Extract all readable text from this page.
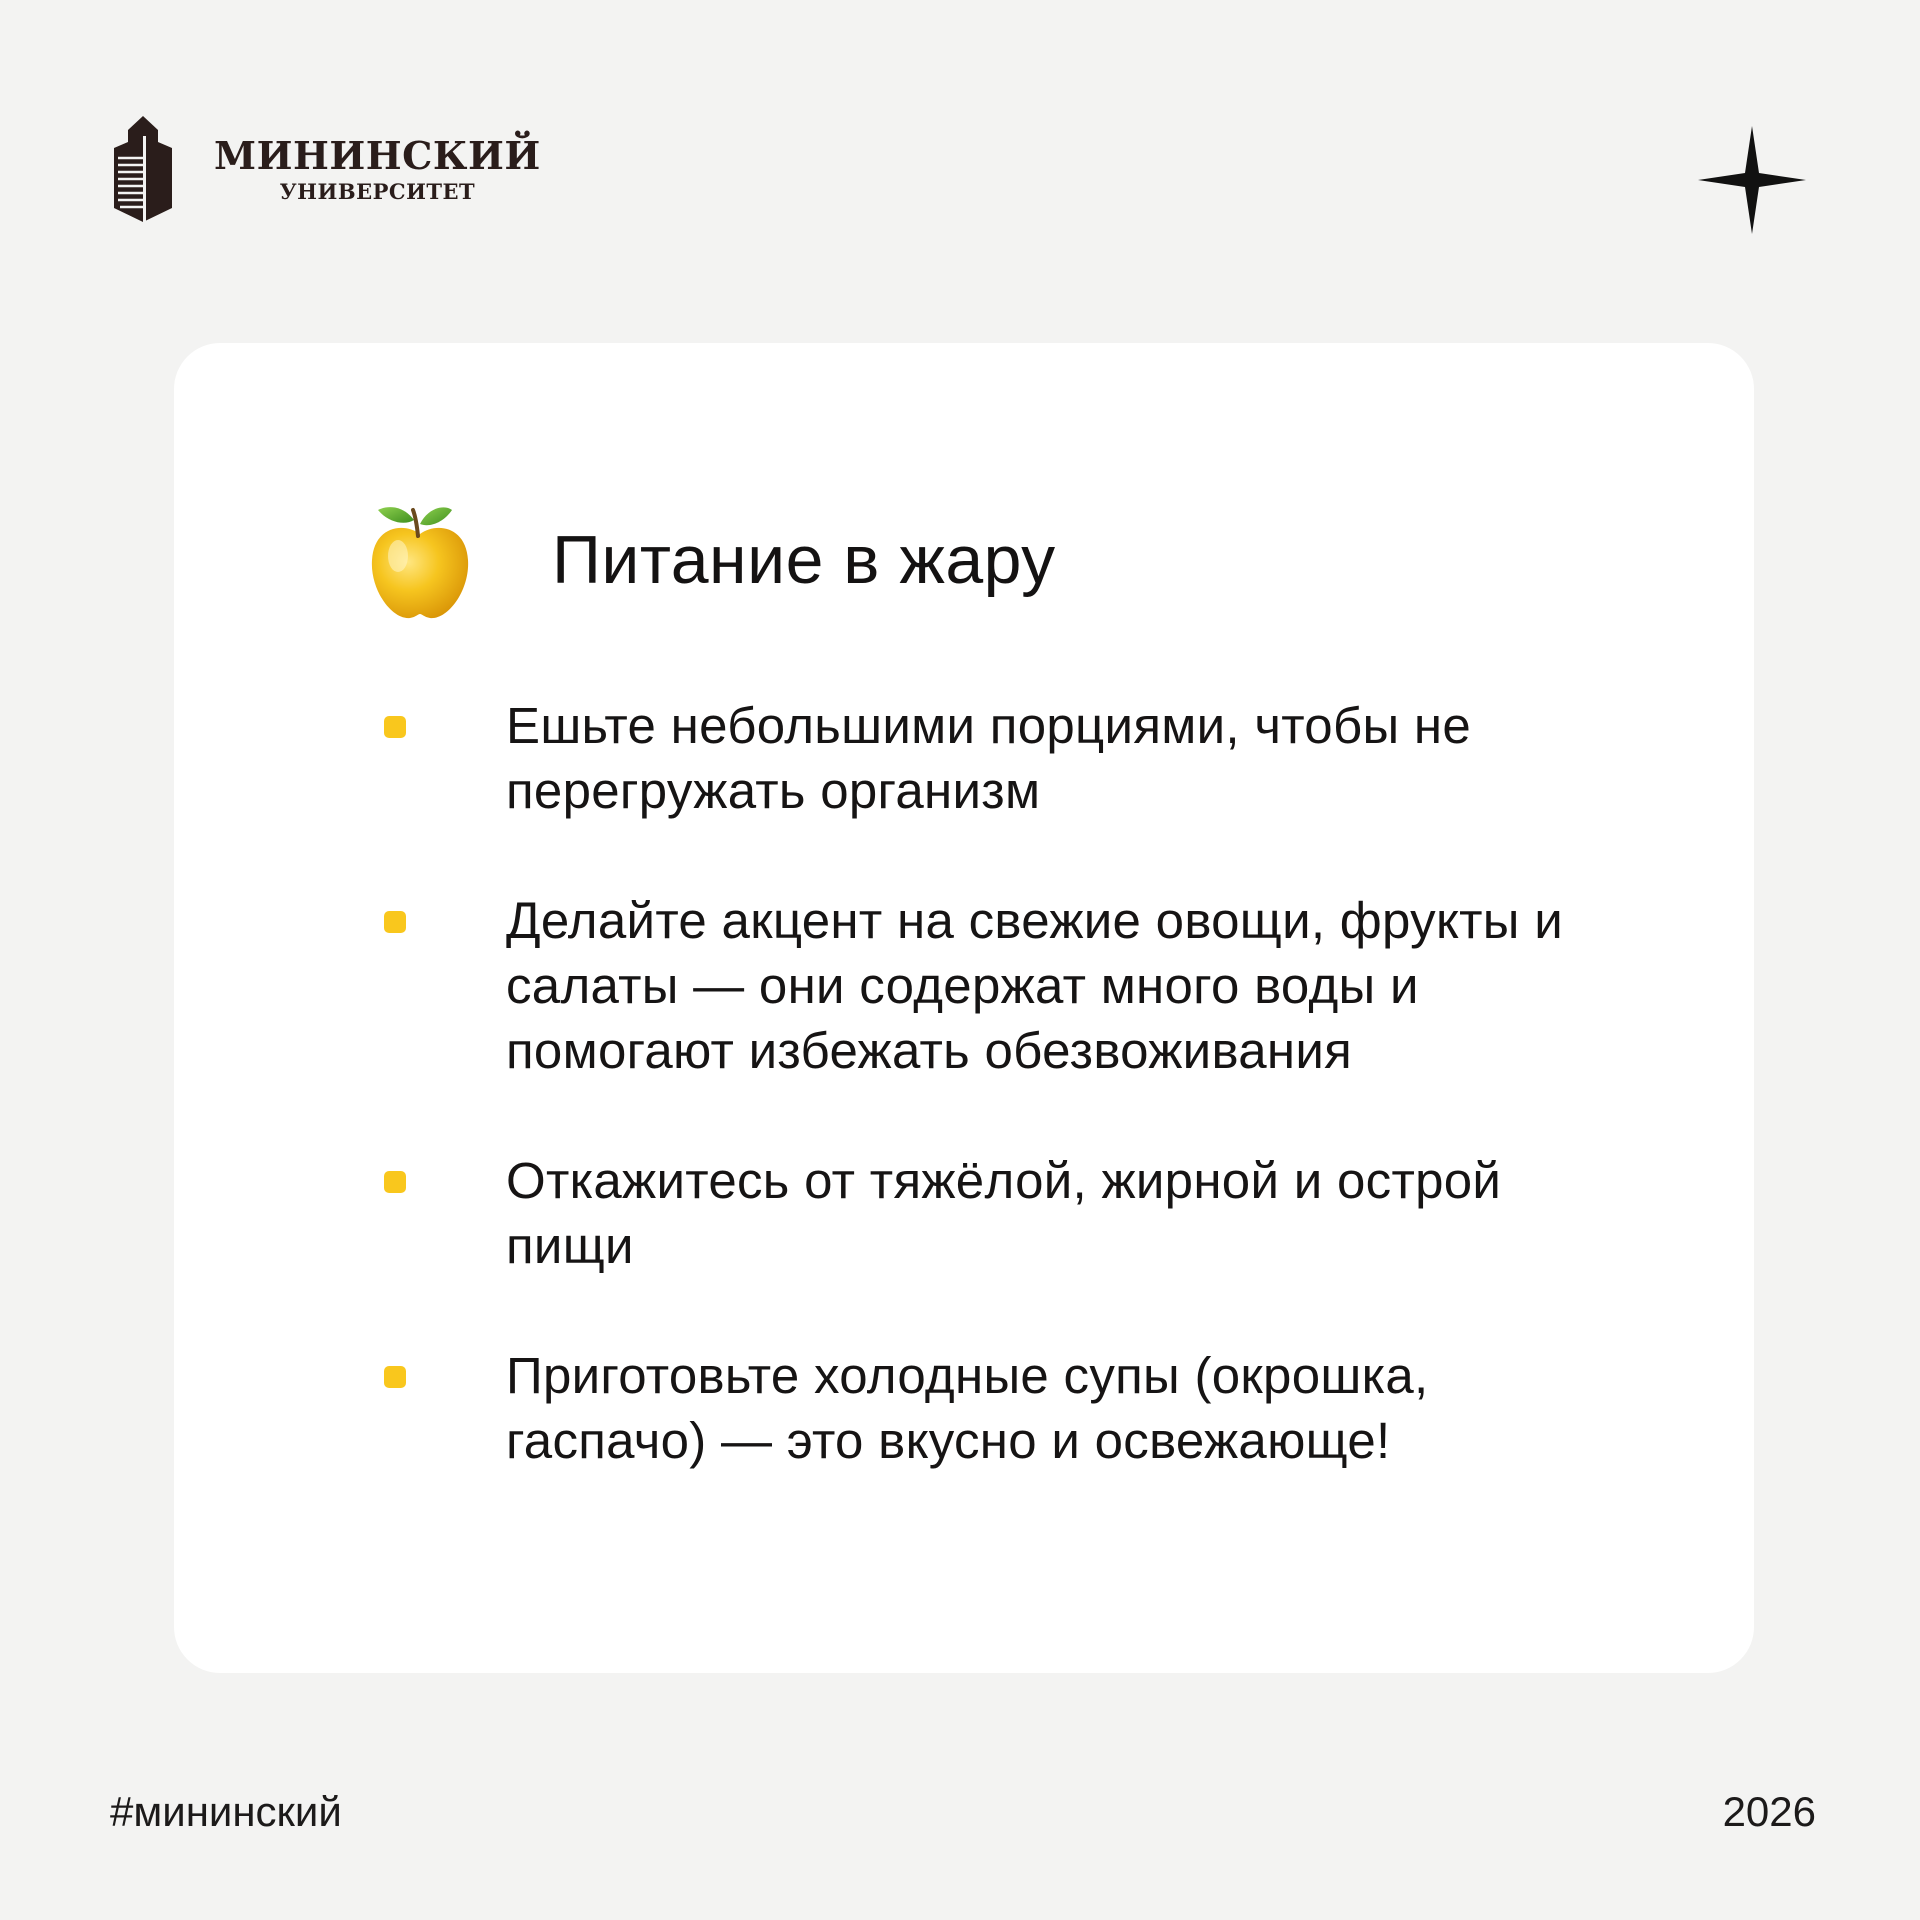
МИНИНСКИЙ
УНИВЕРСИТЕТ
Питание в жару
Ешьте небольшими порциями, чтобы не перегружать организм
Делайте акцент на свежие овощи, фрукты и салаты — они содержат много воды и помогают избежать обезвоживания
Откажитесь от тяжёлой, жирной и острой пищи
Приготовьте холодные супы (окрошка, гаспачо) — это вкусно и освежающе!
#мининский	2026
